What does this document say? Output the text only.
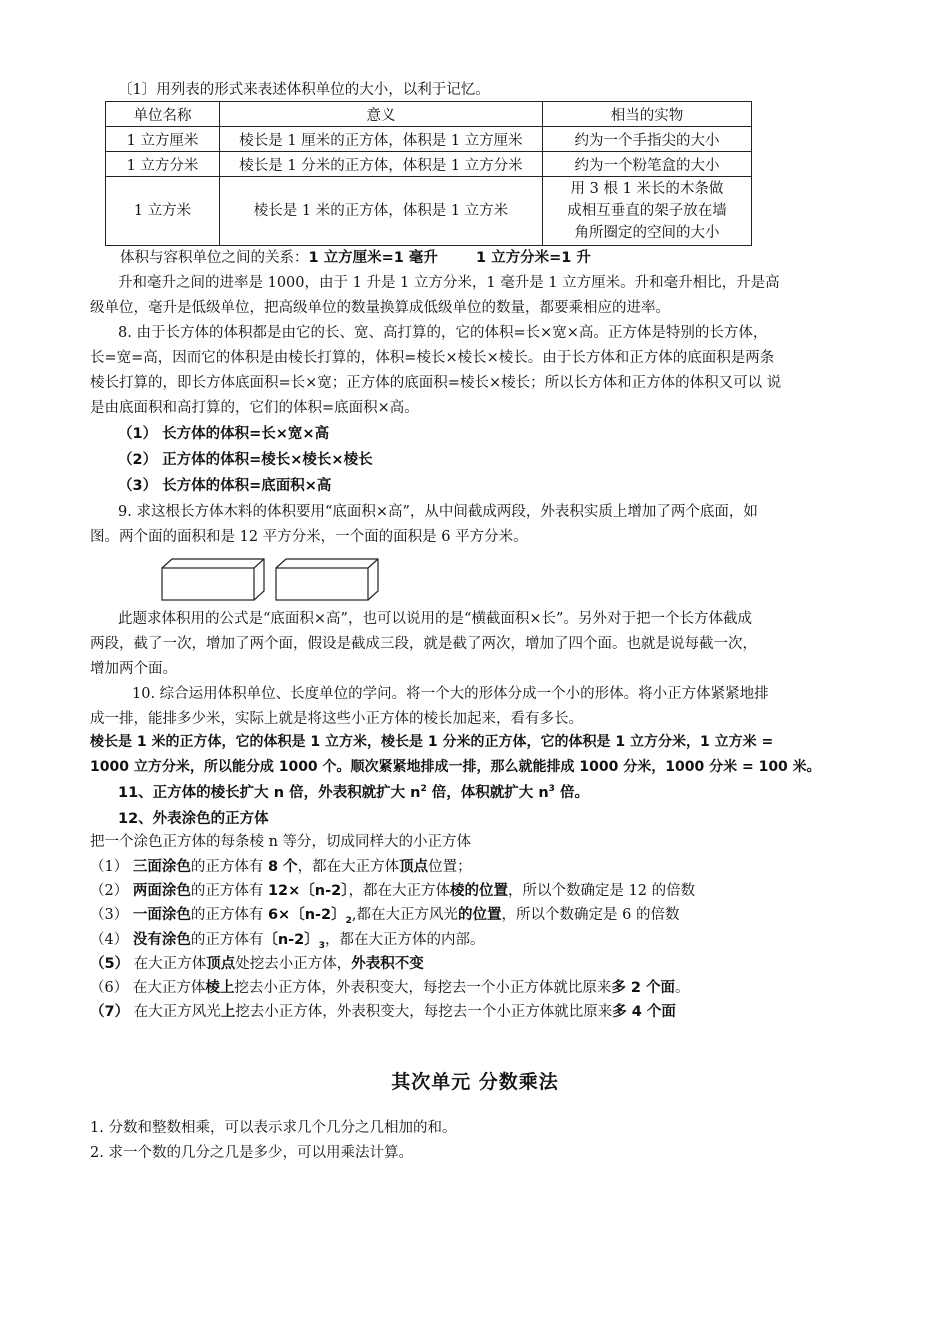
〔1〕用列表的形式来表述体积单位的大小，以利于记忆。
单位名称	意义	相当的实物
1 立方厘米	棱长是 1 厘米的正方体，体积是 1 立方厘米	约为一个手指尖的大小
1 立方分米	棱长是 1 分米的正方体，体积是 1 立方分米	约为一个粉笔盒的大小
1 立方米	棱长是 1 米的正方体，体积是 1 立方米	用 3 根 1 米长的木条做
成相互垂直的架子放在墙
角所圈定的空间的大小
体积与容积单位之间的关系：1 立方厘米=1 毫升	1 立方分米=1 升
升和毫升之间的进率是 1000，由于 1 升是 1 立方分米，1 毫升是 1 立方厘米。升和毫升相比，升是高
级单位，毫升是低级单位，把高级单位的数量换算成低级单位的数量，都要乘相应的进率。
8. 由于长方体的体积都是由它的长、宽、高打算的，它的体积=长×宽×高。正方体是特别的长方体，
长=宽=高，因而它的体积是由棱长打算的，体积=棱长×棱长×棱长。由于长方体和正方体的底面积是两条
棱长打算的，即长方体底面积=长×宽；正方体的底面积=棱长×棱长；所以长方体和正方体的体积又可以 说
是由底面积和高打算的，它们的体积=底面积×高。
（1） 长方体的体积=长×宽×高
（2） 正方体的体积=棱长×棱长×棱长
（3） 长方体的体积=底面积×高
9. 求这根长方体木料的体积要用“底面积×高”，从中间截成两段，外表积实质上增加了两个底面，如
图。两个面的面积和是 12 平方分米，一个面的面积是 6 平方分米。
此题求体积用的公式是“底面积×高”，也可以说用的是“横截面积×长”。另外对于把一个长方体截成
两段，截了一次，增加了两个面，假设是截成三段，就是截了两次，增加了四个面。也就是说每截一次，
增加两个面。
10. 综合运用体积单位、长度单位的学问。将一个大的形体分成一个小的形体。将小正方体紧紧地排
成一排，能排多少米，实际上就是将这些小正方体的棱长加起来，看有多长。
棱长是 1 米的正方体，它的体积是 1 立方米，棱长是 1 分米的正方体，它的体积是 1 立方分米，1 立方米 =
1000 立方分米，所以能分成 1000 个。顺次紧紧地排成一排，那么就能排成 1000 分米，1000 分米 = 100 米。
11、正方体的棱长扩大 n 倍，外表积就扩大 $n^2$ 倍，体积就扩大 $n^3$ 倍。
12、外表涂色的正方体
把一个涂色正方体的每条棱 n 等分，切成同样大的小正方体
（1） 三面涂色的正方体有 8 个，都在大正方体顶点位置；
（2） 两面涂色的正方体有 12×〔n-2〕，都在大正方体棱的位置，所以个数确定是 12 的倍数
（3） 一面涂色的正方体有 6×〔n-2〕$_2$,都在大正方风光的位置，所以个数确定是 6 的倍数
（4） 没有涂色的正方体有〔n-2〕$_3$，都在大正方体的内部。
（5） 在大正方体顶点处挖去小正方体，外表积不变
（6） 在大正方体棱上挖去小正方体，外表积变大，每挖去一个小正方体就比原来多 2 个面。
（7） 在大正方风光上挖去小正方体，外表积变大，每挖去一个小正方体就比原来多 4 个面
其次单元 分数乘法
1. 分数和整数相乘，可以表示求几个几分之几相加的和。
2. 求一个数的几分之几是多少，可以用乘法计算。
